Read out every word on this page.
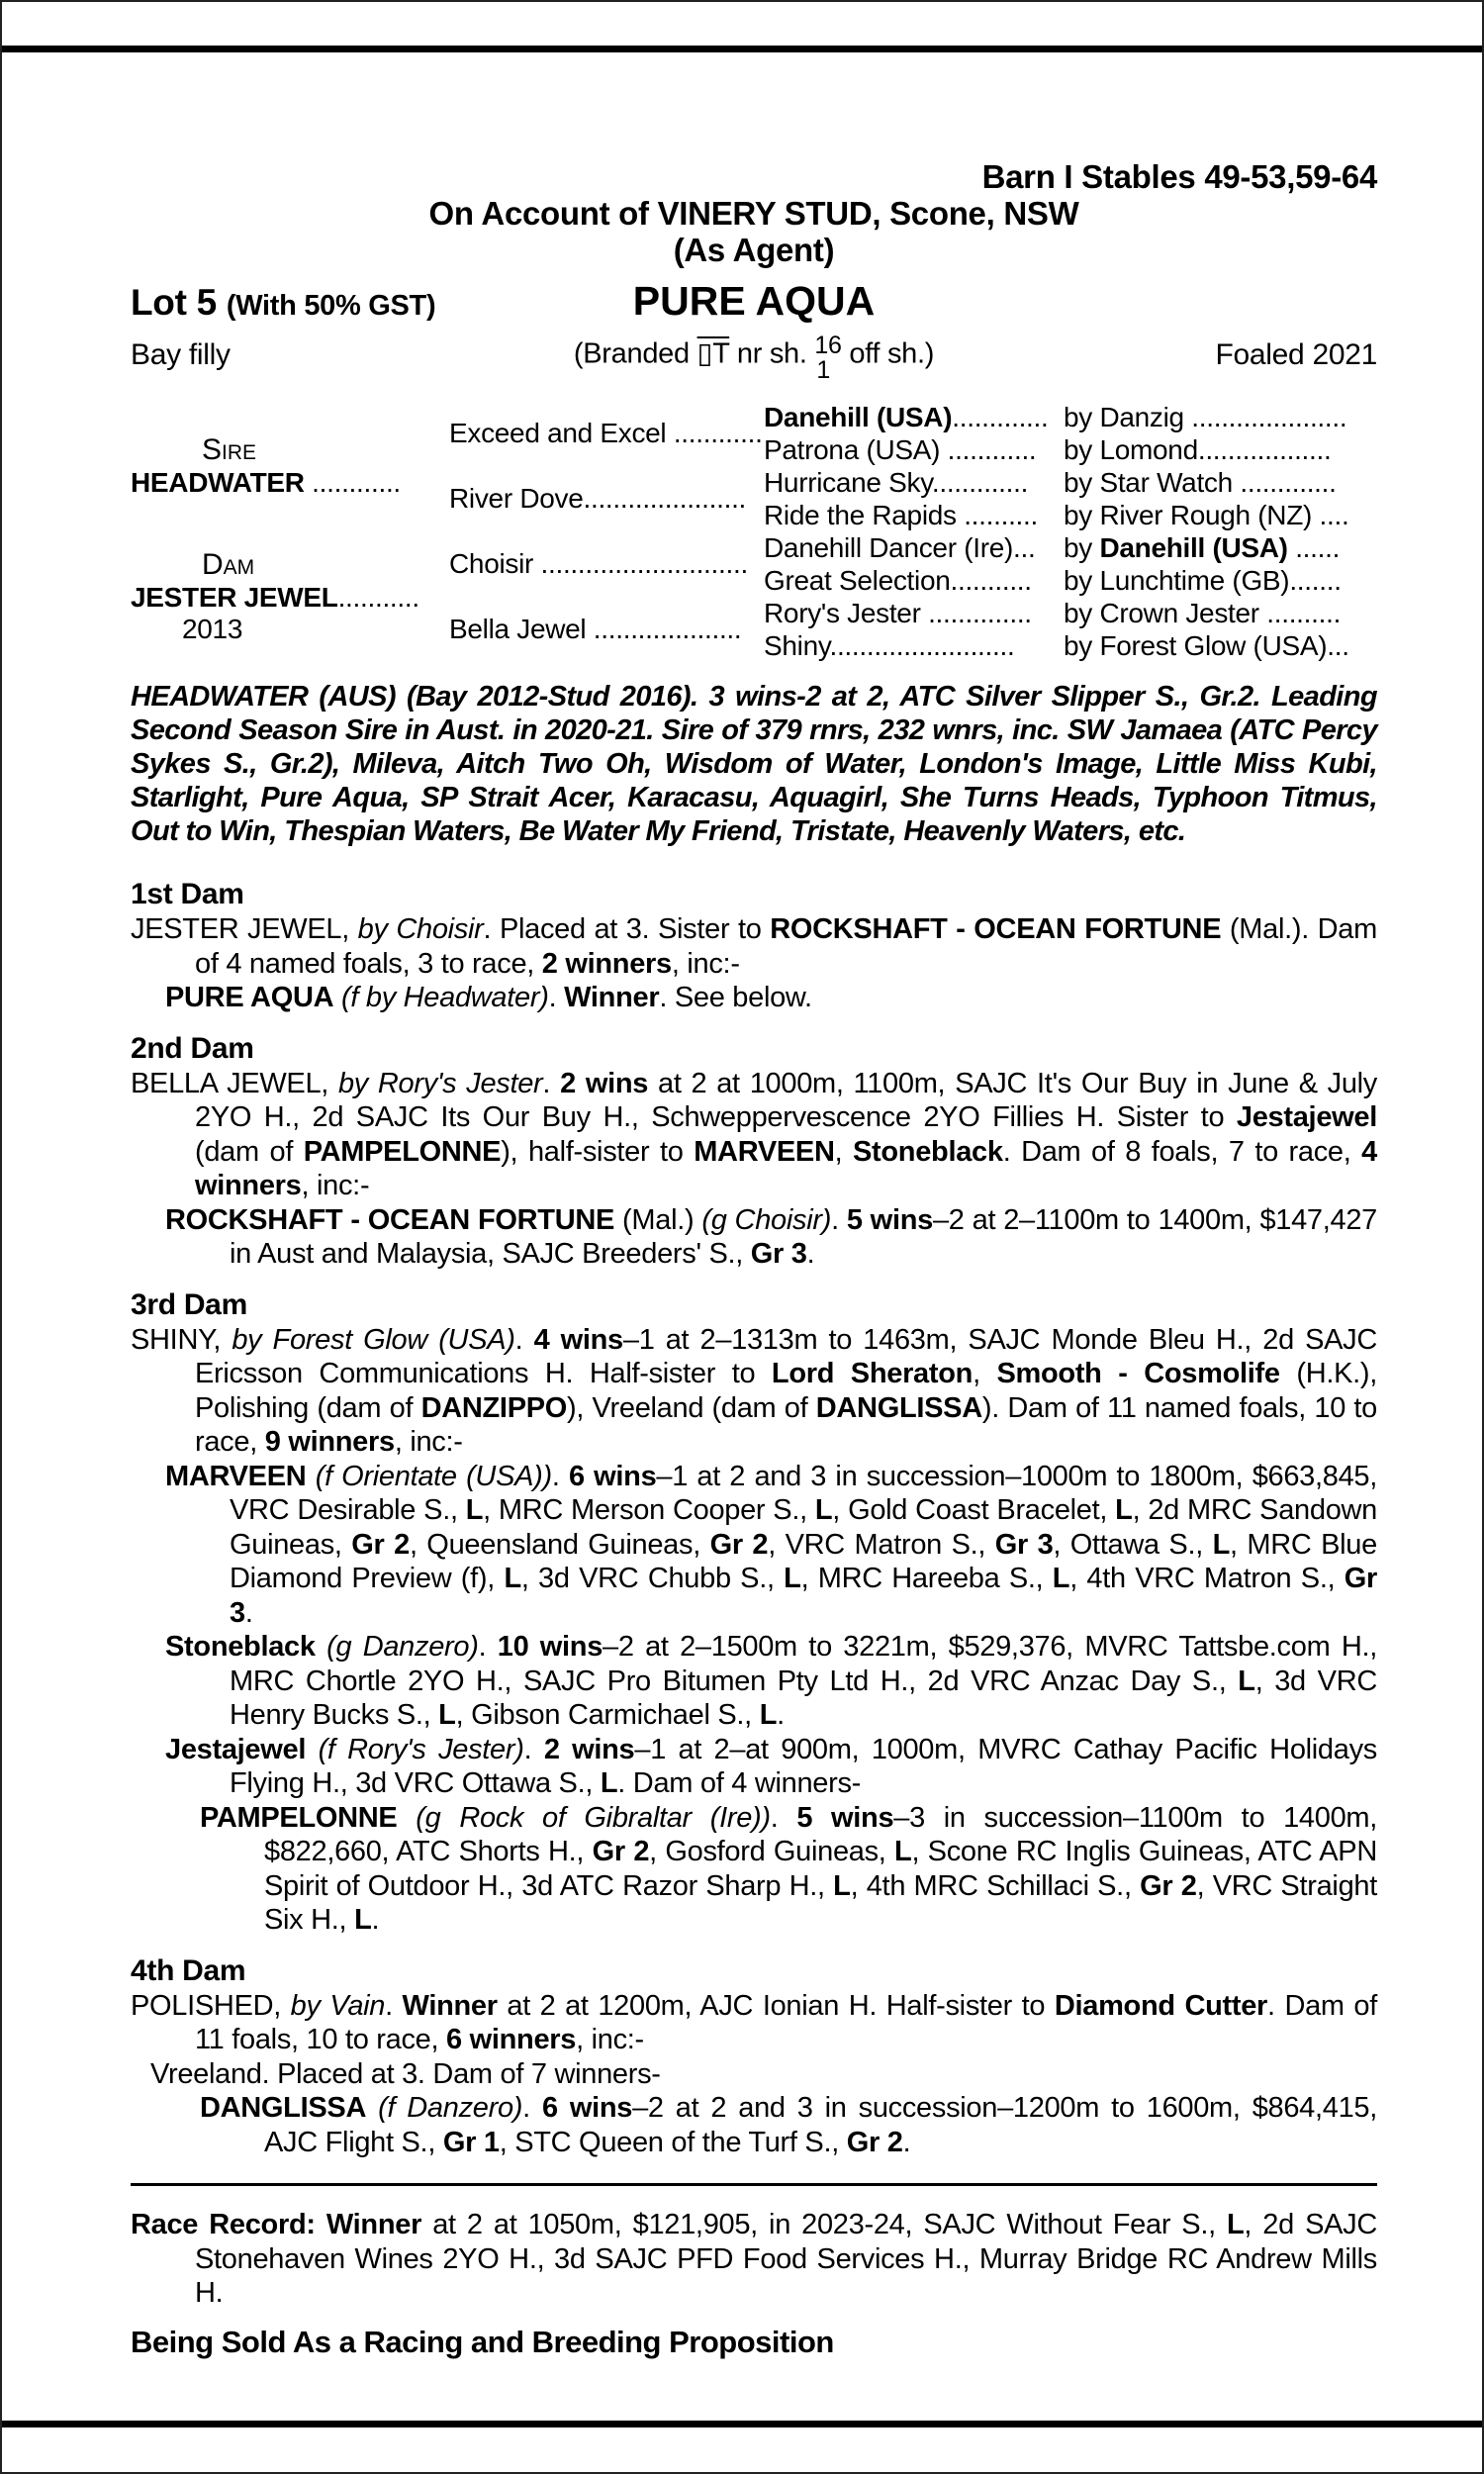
Barn I Stables 49-53,59-64
On Account of VINERY STUD, Scone, NSW
(As Agent)
Lot 5 (With 50% GST)	PURE AQUA
Bay filly	(Branded ▯T nr sh. 16
1
off sh.)	Foaled 2021
Sire
HEADWATER ............	Exceed and Excel ............	Danehill (USA).............	by Danzig .....................
		Patrona (USA) ............	by Lomond..................
	River Dove......................	Hurricane Sky.............	by Star Watch .............
		Ride the Rapids ..........	by River Rough (NZ) ....

Dam
JESTER JEWEL...........
2013	Choisir ............................	Danehill Dancer (Ire)...	by Danehill (USA) ......
		Great Selection...........	by Lunchtime (GB).......
	Bella Jewel ....................	Rory's Jester ..............	by Crown Jester ..........
		Shiny.........................	by Forest Glow (USA)...

HEADWATER (AUS) (Bay 2012-Stud 2016). 3 wins-2 at 2, ATC Silver Slipper S., Gr.2. Leading Second Season Sire in Aust. in 2020-21. Sire of 379 rnrs, 232 wnrs, inc. SW Jamaea (ATC Percy Sykes S., Gr.2), Mileva, Aitch Two Oh, Wisdom of Water, London's Image, Little Miss Kubi, Starlight, Pure Aqua, SP Strait Acer, Karacasu, Aquagirl, She Turns Heads, Typhoon Titmus, Out to Win, Thespian Waters, Be Water My Friend, Tristate, Heavenly Waters, etc.

1st Dam

JESTER JEWEL, by Choisir. Placed at 3. Sister to ROCKSHAFT - OCEAN FORTUNE (Mal.). Dam of 4 named foals, 3 to race, 2 winners, inc:-

PURE AQUA (f by Headwater). Winner. See below.

2nd Dam

BELLA JEWEL, by Rory's Jester. 2 wins at 2 at 1000m, 1100m, SAJC It's Our Buy in June & July 2YO H., 2d SAJC Its Our Buy H., Schweppervescence 2YO Fillies H. Sister to Jestajewel (dam of PAMPELONNE), half-sister to MARVEEN, Stoneblack. Dam of 8 foals, 7 to race, 4 winners, inc:-

ROCKSHAFT - OCEAN FORTUNE (Mal.) (g Choisir). 5 wins–2 at 2–1100m to 1400m, $147,427 in Aust and Malaysia, SAJC Breeders' S., Gr 3.

3rd Dam

SHINY, by Forest Glow (USA). 4 wins–1 at 2–1313m to 1463m, SAJC Monde Bleu H., 2d SAJC Ericsson Communications H. Half-sister to Lord Sheraton, Smooth - Cosmolife (H.K.), Polishing (dam of DANZIPPO), Vreeland (dam of DANGLISSA). Dam of 11 named foals, 10 to race, 9 winners, inc:-

MARVEEN (f Orientate (USA)). 6 wins–1 at 2 and 3 in succession–1000m to 1800m, $663,845, VRC Desirable S., L, MRC Merson Cooper S., L, Gold Coast Bracelet, L, 2d MRC Sandown Guineas, Gr 2, Queensland Guineas, Gr 2, VRC Matron S., Gr 3, Ottawa S., L, MRC Blue Diamond Preview (f), L, 3d VRC Chubb S., L, MRC Hareeba S., L, 4th VRC Matron S., Gr 3.

Stoneblack (g Danzero). 10 wins–2 at 2–1500m to 3221m, $529,376, MVRC Tattsbe.com H., MRC Chortle 2YO H., SAJC Pro Bitumen Pty Ltd H., 2d VRC Anzac Day S., L, 3d VRC Henry Bucks S., L, Gibson Carmichael S., L.

Jestajewel (f Rory's Jester). 2 wins–1 at 2–at 900m, 1000m, MVRC Cathay Pacific Holidays Flying H., 3d VRC Ottawa S., L. Dam of 4 winners-

PAMPELONNE (g Rock of Gibraltar (Ire)). 5 wins–3 in succession–1100m to 1400m, $822,660, ATC Shorts H., Gr 2, Gosford Guineas, L, Scone RC Inglis Guineas, ATC APN Spirit of Outdoor H., 3d ATC Razor Sharp H., L, 4th MRC Schillaci S., Gr 2, VRC Straight Six H., L.

4th Dam

POLISHED, by Vain. Winner at 2 at 1200m, AJC Ionian H. Half-sister to Diamond Cutter. Dam of 11 foals, 10 to race, 6 winners, inc:-

Vreeland. Placed at 3. Dam of 7 winners-

DANGLISSA (f Danzero). 6 wins–2 at 2 and 3 in succession–1200m to 1600m, $864,415, AJC Flight S., Gr 1, STC Queen of the Turf S., Gr 2.

Race Record: Winner at 2 at 1050m, $121,905, in 2023-24, SAJC Without Fear S., L, 2d SAJC Stonehaven Wines 2YO H., 3d SAJC PFD Food Services H., Murray Bridge RC Andrew Mills H.

Being Sold As a Racing and Breeding Proposition
